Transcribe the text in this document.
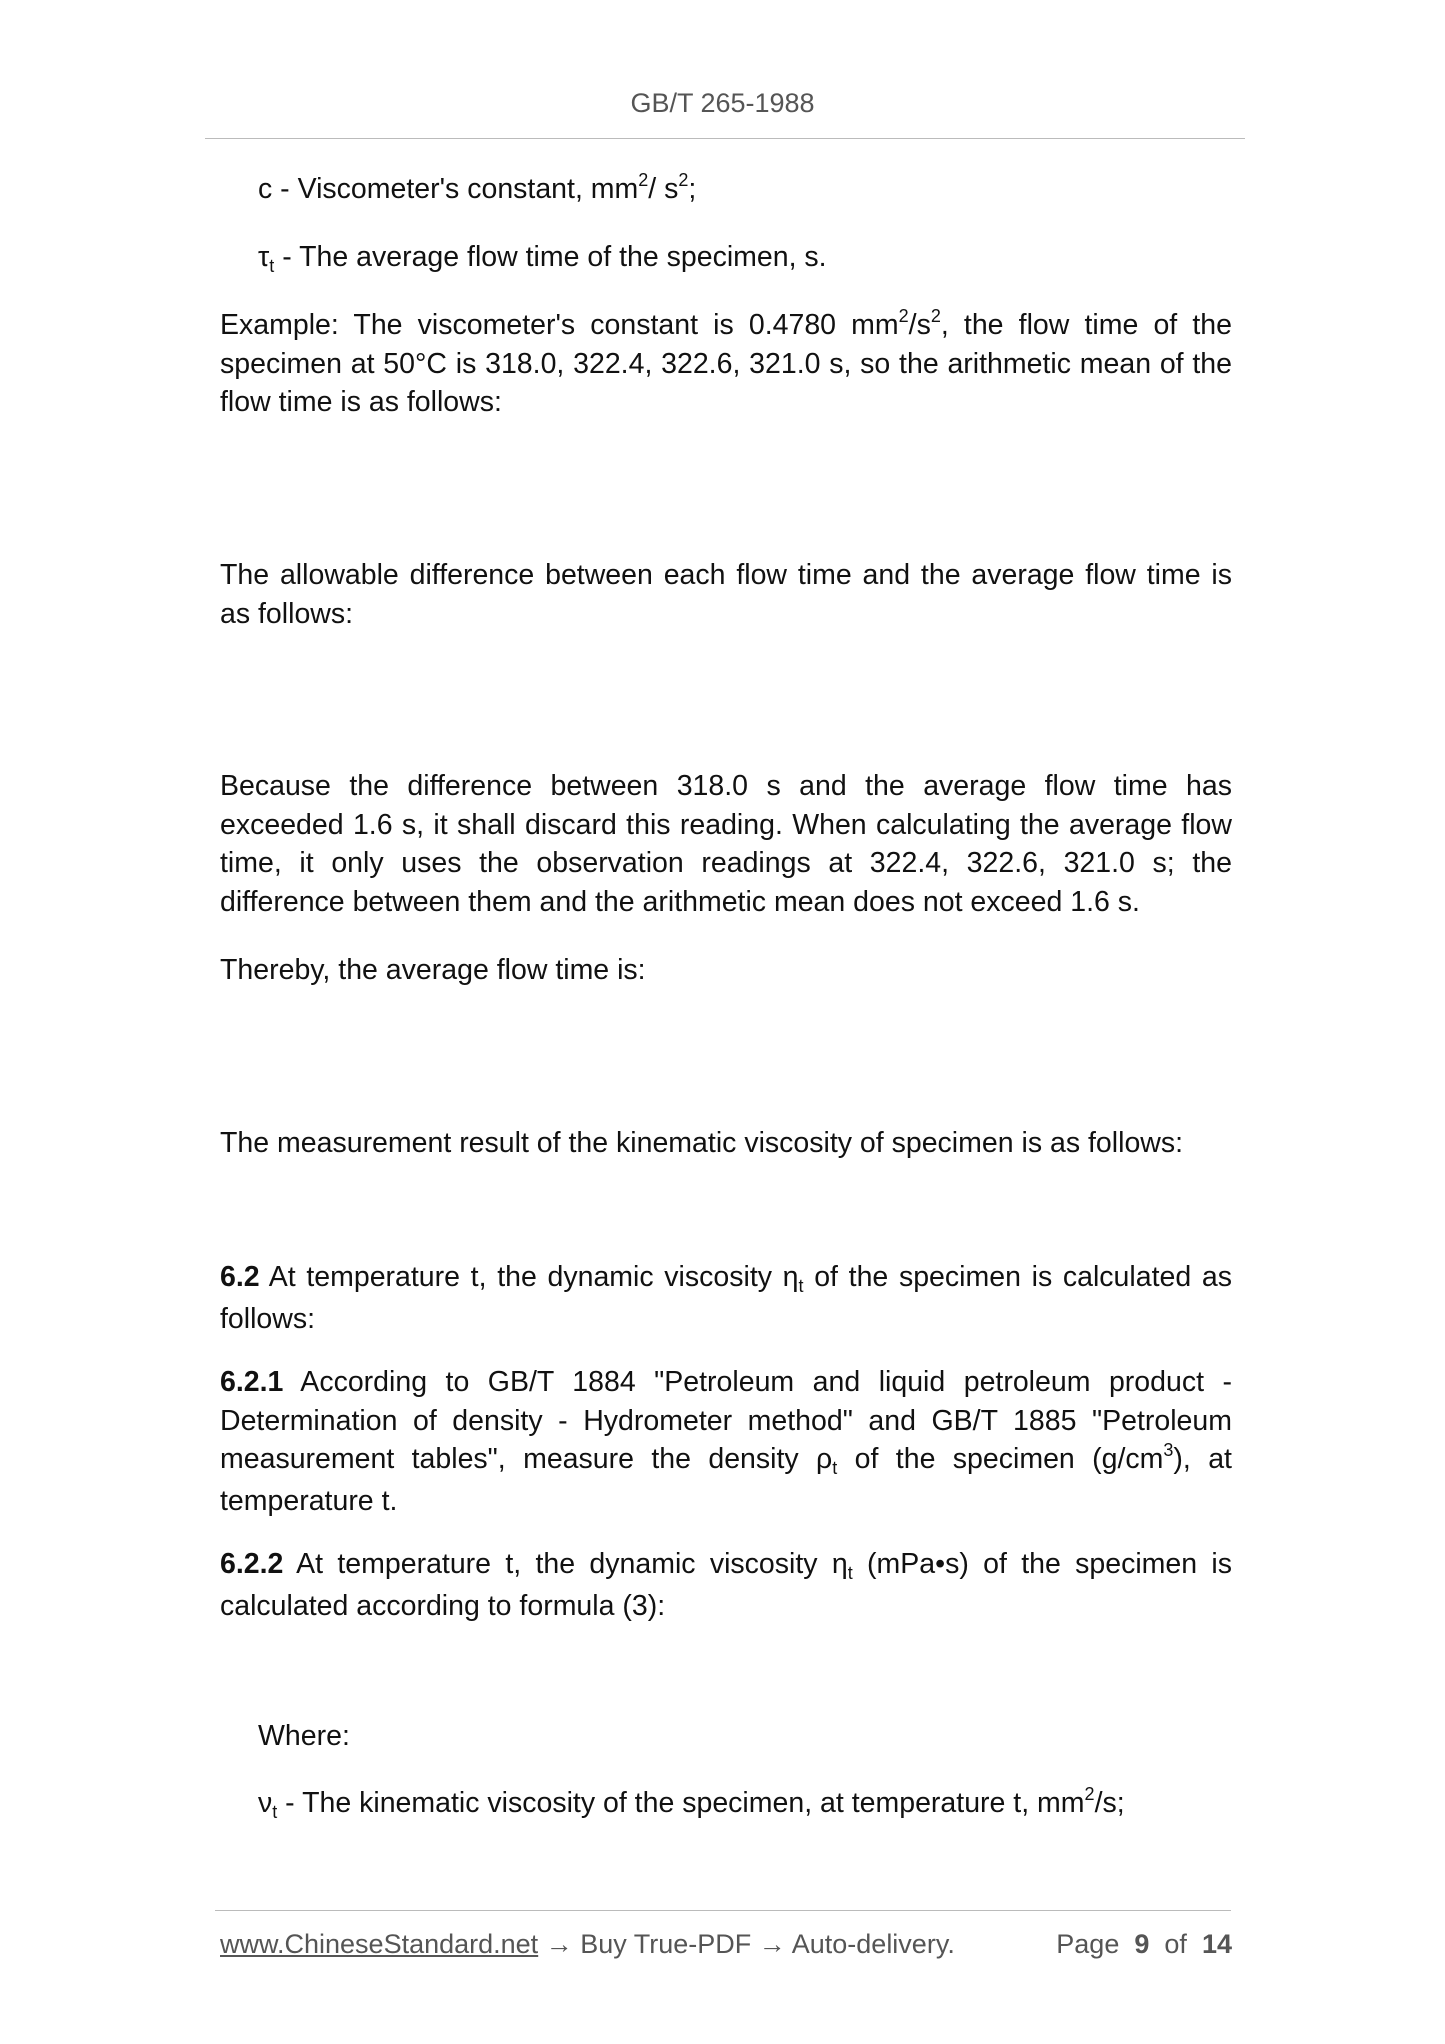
GB/T 265-1988

c - Viscometer's constant, $mm^2/$ $s^2$;

$\tau_t$ - The average flow time of the specimen, s.

Example: The viscometer's constant is 0.4780 $mm^2/s^2$, the flow time of the specimen at 50°C is 318.0, 322.4, 322.6, 321.0 s, so the arithmetic mean of the flow time is as follows:

The allowable difference between each flow time and the average flow time is as follows:

Because the difference between 318.0 s and the average flow time has exceeded 1.6 s, it shall discard this reading. When calculating the average flow time, it only uses the observation readings at 322.4, 322.6, 321.0 s; the difference between them and the arithmetic mean does not exceed 1.6 s.

Thereby, the average flow time is:

The measurement result of the kinematic viscosity of specimen is as follows:

6.2 At temperature t, the dynamic viscosity $\eta_t$ of the specimen is calculated as follows:

6.2.1 According to GB/T 1884 "Petroleum and liquid petroleum product - Determination of density - Hydrometer method" and GB/T 1885 "Petroleum measurement tables", measure the density $\rho_t$ of the specimen $(g/cm^3)$, at temperature t.

6.2.2 At temperature t, the dynamic viscosity $\eta_t$ (mPa•s) of the specimen is calculated according to formula (3):

Where:

$\nu_t$ - The kinematic viscosity of the specimen, at temperature t, $mm^2/s$;

www.ChineseStandard.net → Buy True-PDF → Auto-delivery.	Page 9 of 14
